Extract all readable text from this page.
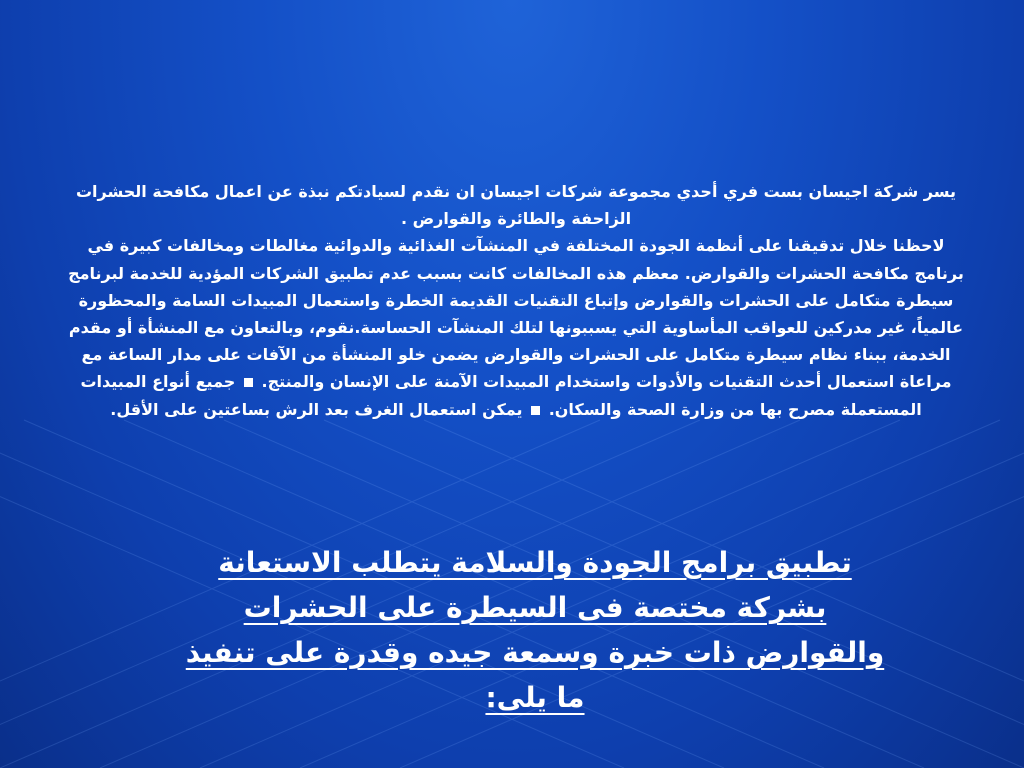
يسر شركة اجيسان بست فري أحدي مجموعة شركات اجيسان ان نقدم لسيادتكم نبذة عن اعمال مكافحة الحشرات الزاحفة والطائرة والقوارض .

لاحظنا خلال تدقيقنا على أنظمة الجودة المختلفة في المنشآت الغذائية والدوائية مغالطات ومخالفات كبيرة في برنامج مكافحة الحشرات والقوارض. معظم هذه المخالفات كانت بسبب عدم تطبيق الشركات المؤدية للخدمة لبرنامج سيطرة متكامل على الحشرات والقوارض وإتباع التقنيات القديمة الخطرة واستعمال المبيدات السامة والمحظورة عالمياً، غير مدركين للعواقب المأساوية التي يسببونها لتلك المنشآت الحساسة.نقوم، وبالتعاون مع المنشأة أو مقدم الخدمة، ببناء نظام سيطرة متكامل على الحشرات والقوارض يضمن خلو المنشأة من الآفات على مدار الساعة مع مراعاة استعمال أحدث التقنيات والأدوات واستخدام المبيدات الآمنة على الإنسان والمنتج.  جميع أنواع المبيدات المستعملة مصرح بها من وزارة الصحة والسكان.  يمكن استعمال الغرف بعد الرش بساعتين على الأقل.

تطبيق برامج الجودة والسلامة يتطلب الاستعانة بشركة مختصة فى السيطرة على الحشرات والقوارض ذات خبرة وسمعة جيده وقدرة على تنفيذ ما يلى:
